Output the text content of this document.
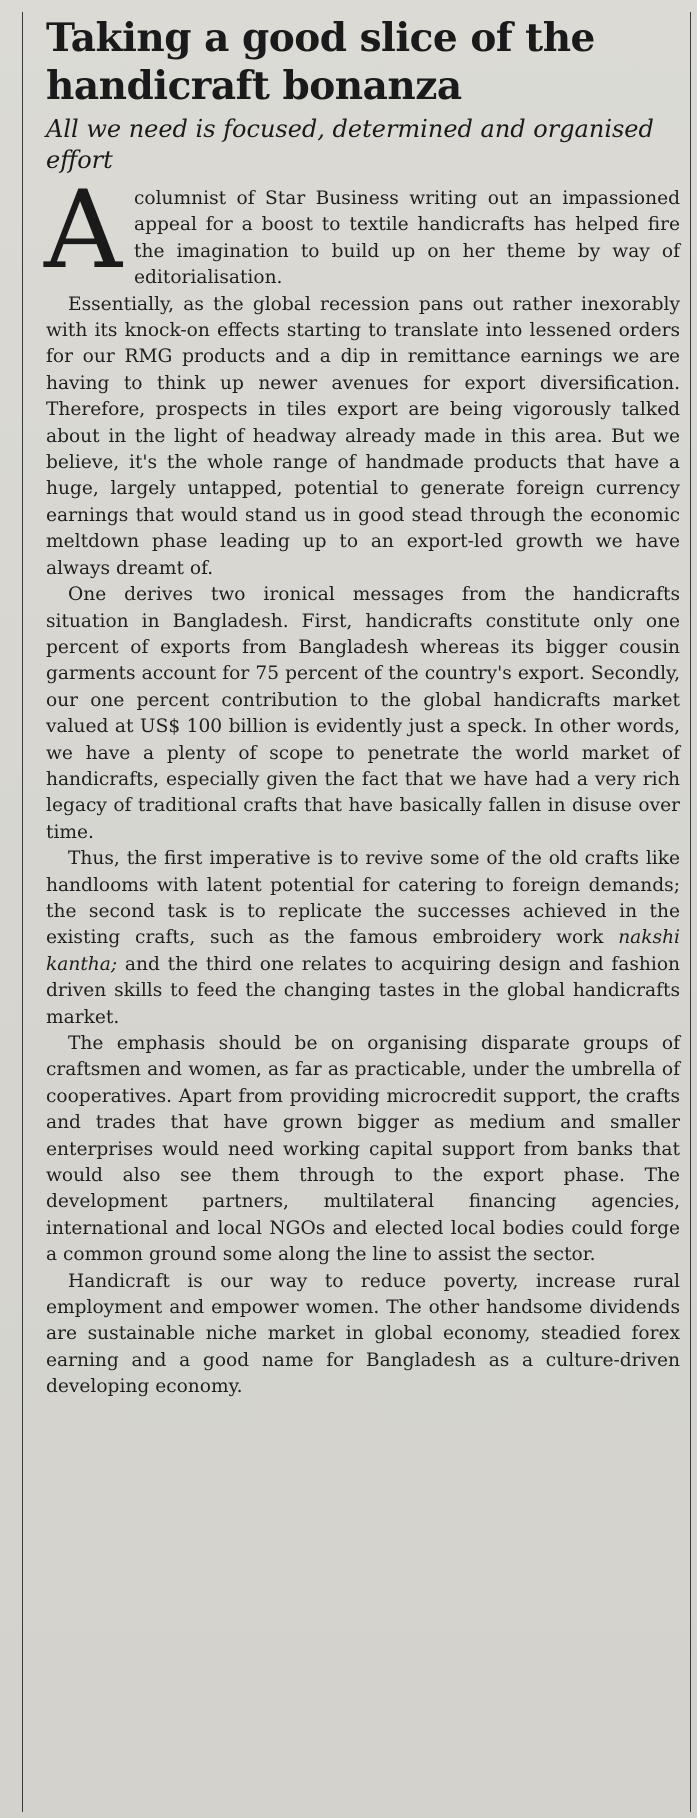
Taking a good slice of the handicraft bonanza
All we need is focused, determined and organised effort

Acolumnist of Star Business writing out an impassioned appeal for a boost to textile handicrafts has helped fire the imagination to build up on her theme by way of editorialisation.

Essentially, as the global recession pans out rather inexorably with its knock-on effects starting to translate into lessened orders for our RMG products and a dip in remittance earnings we are having to think up newer avenues for export diversification. Therefore, prospects in tiles export are being vigorously talked about in the light of headway already made in this area. But we believe, it's the whole range of handmade products that have a huge, largely untapped, potential to generate foreign currency earnings that would stand us in good stead through the economic meltdown phase leading up to an export-led growth we have always dreamt of.

One derives two ironical messages from the handicrafts situation in Bangladesh. First, handicrafts constitute only one percent of exports from Bangladesh whereas its bigger cousin garments account for 75 percent of the country's export. Secondly, our one percent contribution to the global handicrafts market valued at US$ 100 billion is evidently just a speck. In other words, we have a plenty of scope to penetrate the world market of handicrafts, especially given the fact that we have had a very rich legacy of traditional crafts that have basically fallen in disuse over time.

Thus, the first imperative is to revive some of the old crafts like handlooms with latent potential for catering to foreign demands; the second task is to replicate the successes achieved in the existing crafts, such as the famous embroidery work nakshi kantha; and the third one relates to acquiring design and fashion driven skills to feed the changing tastes in the global handicrafts market.

The emphasis should be on organising disparate groups of craftsmen and women, as far as practicable, under the umbrella of cooperatives. Apart from providing microcredit support, the crafts and trades that have grown bigger as medium and smaller enterprises would need working capital support from banks that would also see them through to the export phase. The development partners, multilateral financing agencies, international and local NGOs and elected local bodies could forge a common ground some along the line to assist the sector.

Handicraft is our way to reduce poverty, increase rural employment and empower women. The other handsome dividends are sustainable niche market in global economy, steadied forex earning and a good name for Bangladesh as a culture-driven developing economy.
